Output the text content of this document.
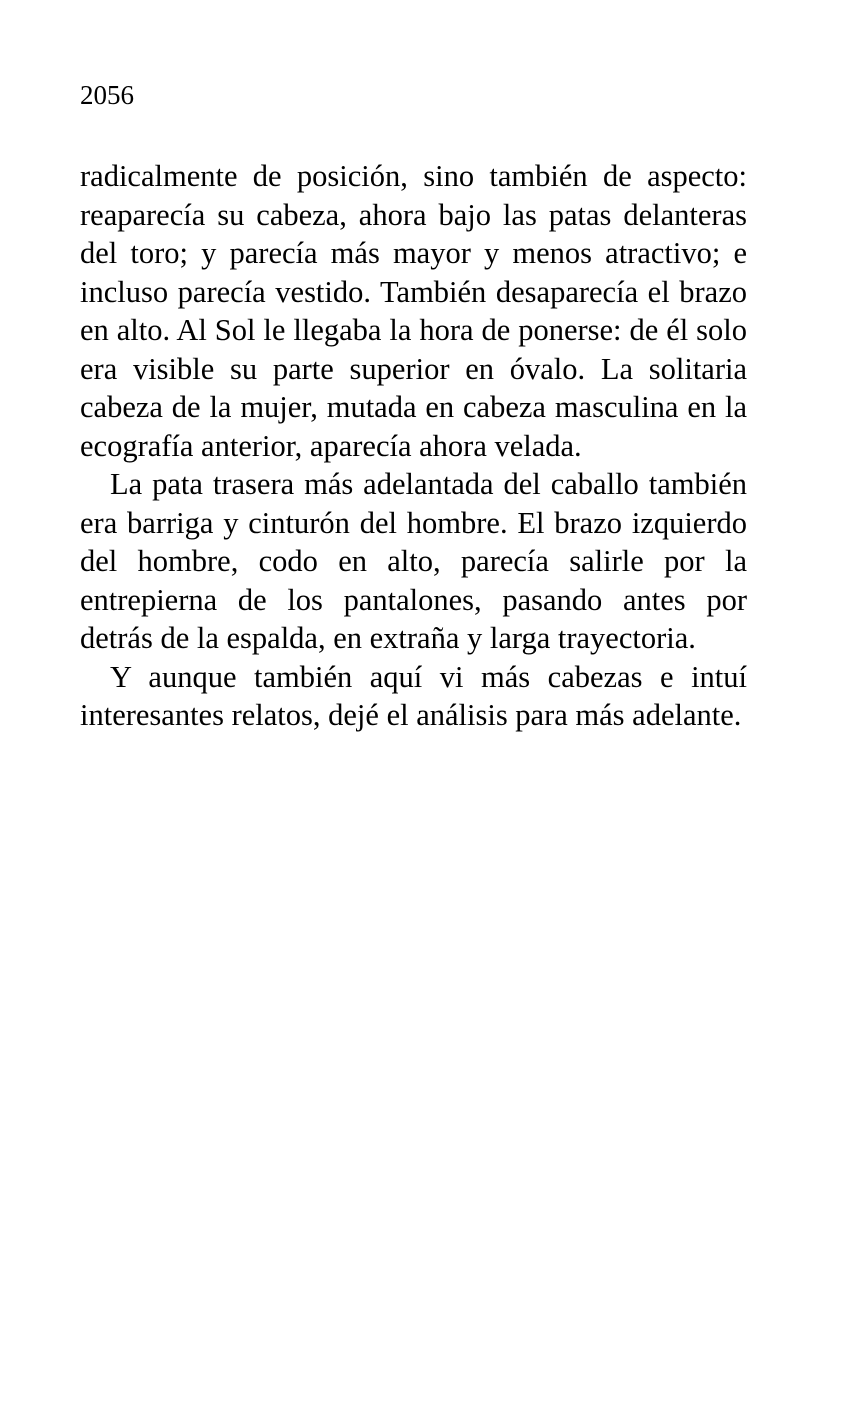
2056

radicalmente de posición, sino también de aspecto: reaparecía su cabeza, ahora bajo las patas delanteras del toro; y parecía más mayor y menos atractivo; e incluso parecía vestido. También desaparecía el brazo en alto. Al Sol le llegaba la hora de ponerse: de él solo era visible su parte superior en óvalo. La solitaria cabeza de la mujer, mutada en cabeza masculina en la ecografía anterior, aparecía ahora velada.

La pata trasera más adelantada del caballo también era barriga y cinturón del hombre. El brazo izquierdo del hombre, codo en alto, parecía salirle por la entrepierna de los pantalones, pasando antes por detrás de la espalda, en extraña y larga trayectoria.

Y aunque también aquí vi más cabezas e intuí interesantes relatos, dejé el análisis para más adelante.
